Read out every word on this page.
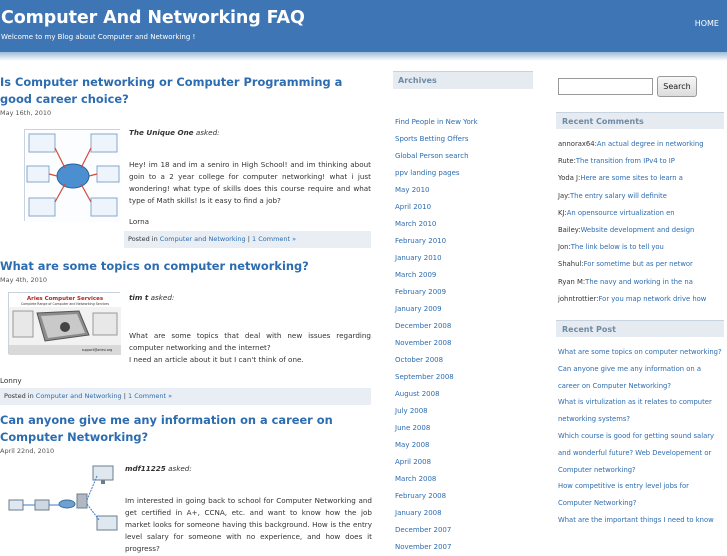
Computer And Networking FAQ
Welcome to my Blog about Computer and Networking !
HOME
Is Computer networking or Computer Programming a good career choice?
May 16th, 2010
The Unique One asked:
Hey! im 18 and im a seniro in High School! and im thinking about goin to a 2 year college for computer networking! what i just wondering! what type of skills does this course require and what type of Math skills! Is it easy to find a job?
Lorna
Posted in Computer and Networking | 1 Comment »
What are some topics on computer networking?
May 4th, 2010
Aries Computer Services
Complete Range of Computer and Networking Services
support@ariesi.org
tim t asked:
What are some topics that deal with new issues regarding computer networking and the internet?
I need an article about it but I can't think of one.
Lonny
Posted in Computer and Networking | 1 Comment »
Can anyone give me any information on a career on Computer Networking?
April 22nd, 2010
mdf11225 asked:
Im interested in going back to school for Computer Networking and get certified in A+, CCNA, etc. and want to know how the job market looks for someone having this background. How is the entry level salary for someone with no experience, and how does it progress?
Archives
Find People in New York
Sports Betting Offers
Global Person search
ppv landing pages
May 2010
April 2010
March 2010
February 2010
January 2010
March 2009
February 2009
January 2009
December 2008
November 2008
October 2008
September 2008
August 2008
July 2008
June 2008
May 2008
April 2008
March 2008
February 2008
January 2008
December 2007
November 2007
Search
Recent Comments
annorax64:An actual degree in networking
Rute:The transition from IPv4 to IP
Yoda J:Here are some sites to learn a
Jay:The entry salary will definite
KJ:An opensource virtualization en
Bailey:Website development and design
Jon:The link below is to tell you
Shahul:For sometime but as per networ
Ryan M:The navy and working in the na
johntrottier:For you map network drive how
Recent Post
What are some topics on computer networking?
Can anyone give me any information on a career on Computer Networking?
What is virtulization as it relates to computer networking systems?
Which course is good for getting sound salary and wonderful future? Web Developement or Computer networking?
How competitive is entry level jobs for Computer Networking?
What are the important things I need to know
